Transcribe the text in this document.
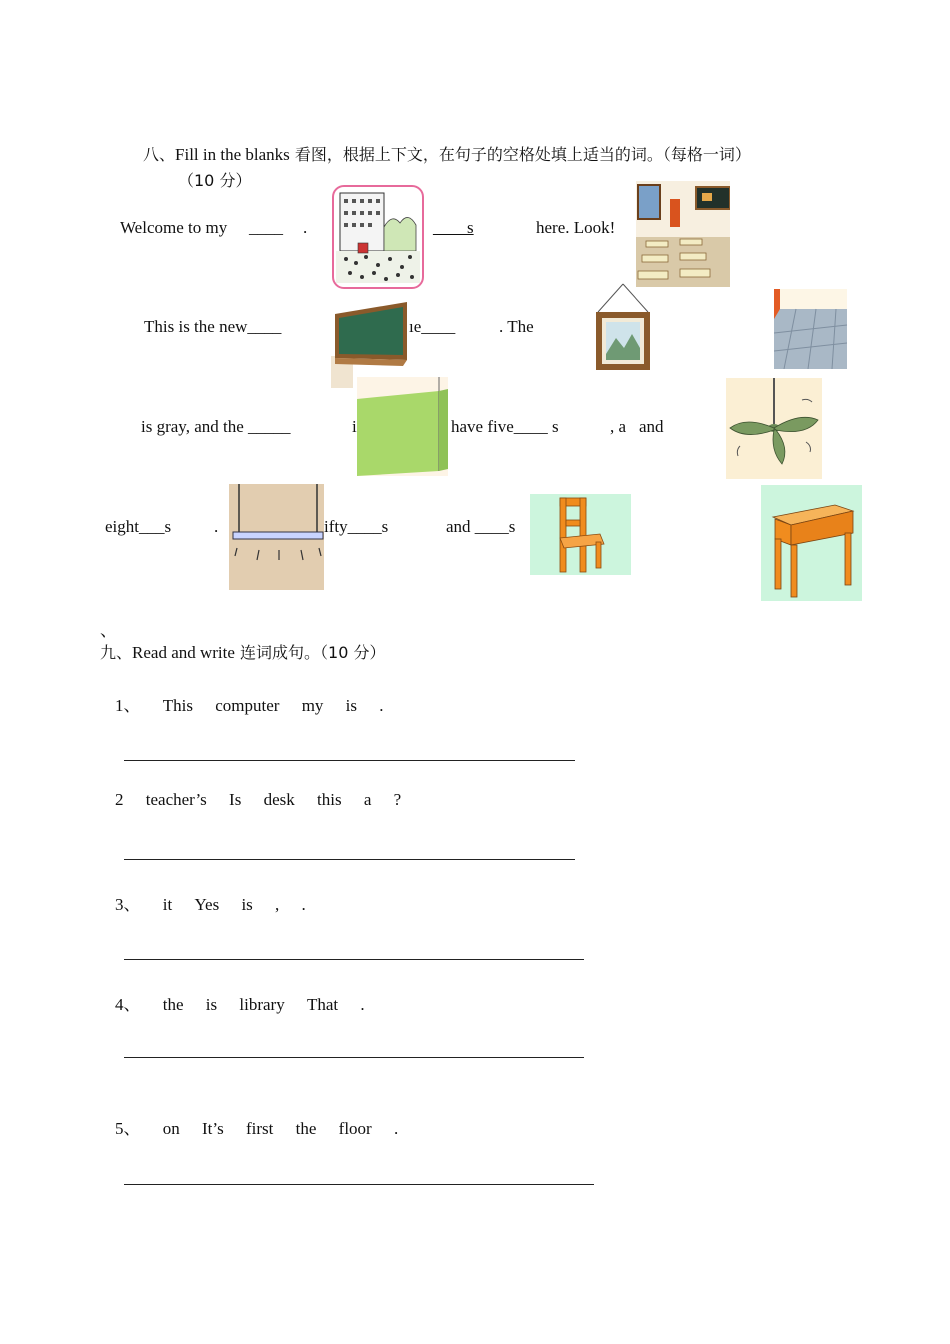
八、Fill in the blanks 看图，根据上下文，在句子的空格处填上适当的词。（每格一词）
（10 分）
Welcome to my ____ .	____s	here. Look!
This is the new____	ıe____	. The
is gray, and the _____	i	have five____ s	, a and
eight___s	.	ifty____s	and ____s
、
九、Read and write 连词成句。（10 分）
1、 This computer my is .
2 teacher’s Is desk this a ?
3、 it Yes is , .
4、 the is library That .
5、 on It’s first the floor .
